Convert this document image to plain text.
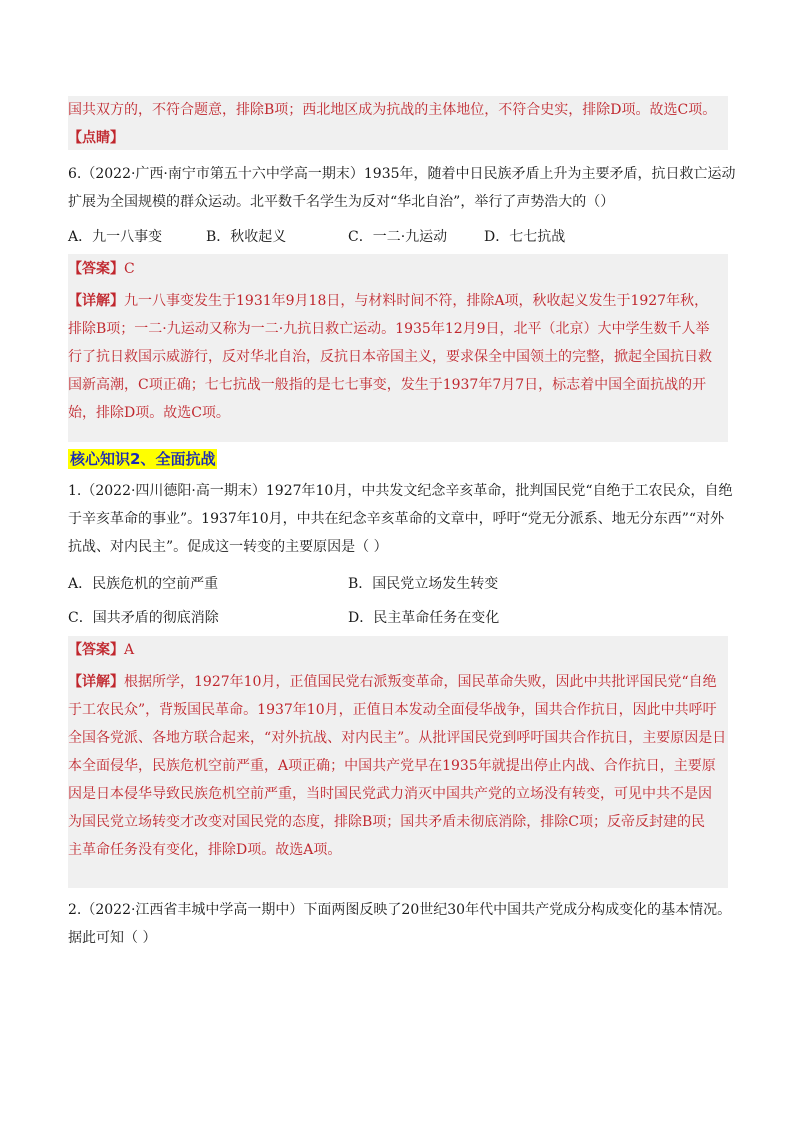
国共双方的，不符合题意，排除B项；西北地区成为抗战的主体地位，不符合史实，排除D项。故选C项。
【点睛】
6.（2022·广西·南宁市第五十六中学高一期末）1935年，随着中日民族矛盾上升为主要矛盾，抗日救亡运动
扩展为全国规模的群众运动。北平数千名学生为反对“华北自治”，举行了声势浩大的（）
A．九一八事变	B．秋收起义	C．一二·九运动	D．七七抗战
【答案】C
【详解】九一八事变发生于1931年9月18日，与材料时间不符，排除A项，秋收起义发生于1927年秋，
排除B项；一二·九运动又称为一二·九抗日救亡运动。1935年12月9日，北平（北京）大中学生数千人举
行了抗日救国示威游行，反对华北自治，反抗日本帝国主义，要求保全中国领土的完整，掀起全国抗日救
国新高潮，C项正确；七七抗战一般指的是七七事变，发生于1937年7月7日，标志着中国全面抗战的开
始，排除D项。故选C项。
核心知识2、全面抗战
1.（2022·四川德阳·高一期末）1927年10月，中共发文纪念辛亥革命，批判国民党“自绝于工农民众，自绝
于辛亥革命的事业”。1937年10月，中共在纪念辛亥革命的文章中，呼吁“党无分派系、地无分东西”“对外
抗战、对内民主”。促成这一转变的主要原因是（ ）
A．民族危机的空前严重	B．国民党立场发生转变
C．国共矛盾的彻底消除	D．民主革命任务在变化
【答案】A
【详解】根据所学，1927年10月，正值国民党右派叛变革命，国民革命失败，因此中共批评国民党“自绝
于工农民众”，背叛国民革命。1937年10月，正值日本发动全面侵华战争，国共合作抗日，因此中共呼吁
全国各党派、各地方联合起来，“对外抗战、对内民主”。从批评国民党到呼吁国共合作抗日，主要原因是日
本全面侵华，民族危机空前严重，A项正确；中国共产党早在1935年就提出停止内战、合作抗日，主要原
因是日本侵华导致民族危机空前严重，当时国民党武力消灭中国共产党的立场没有转变，可见中共不是因
为国民党立场转变才改变对国民党的态度，排除B项；国共矛盾未彻底消除，排除C项；反帝反封建的民
主革命任务没有变化，排除D项。故选A项。
2.（2022·江西省丰城中学高一期中）下面两图反映了20世纪30年代中国共产党成分构成变化的基本情况。
据此可知（ ）
